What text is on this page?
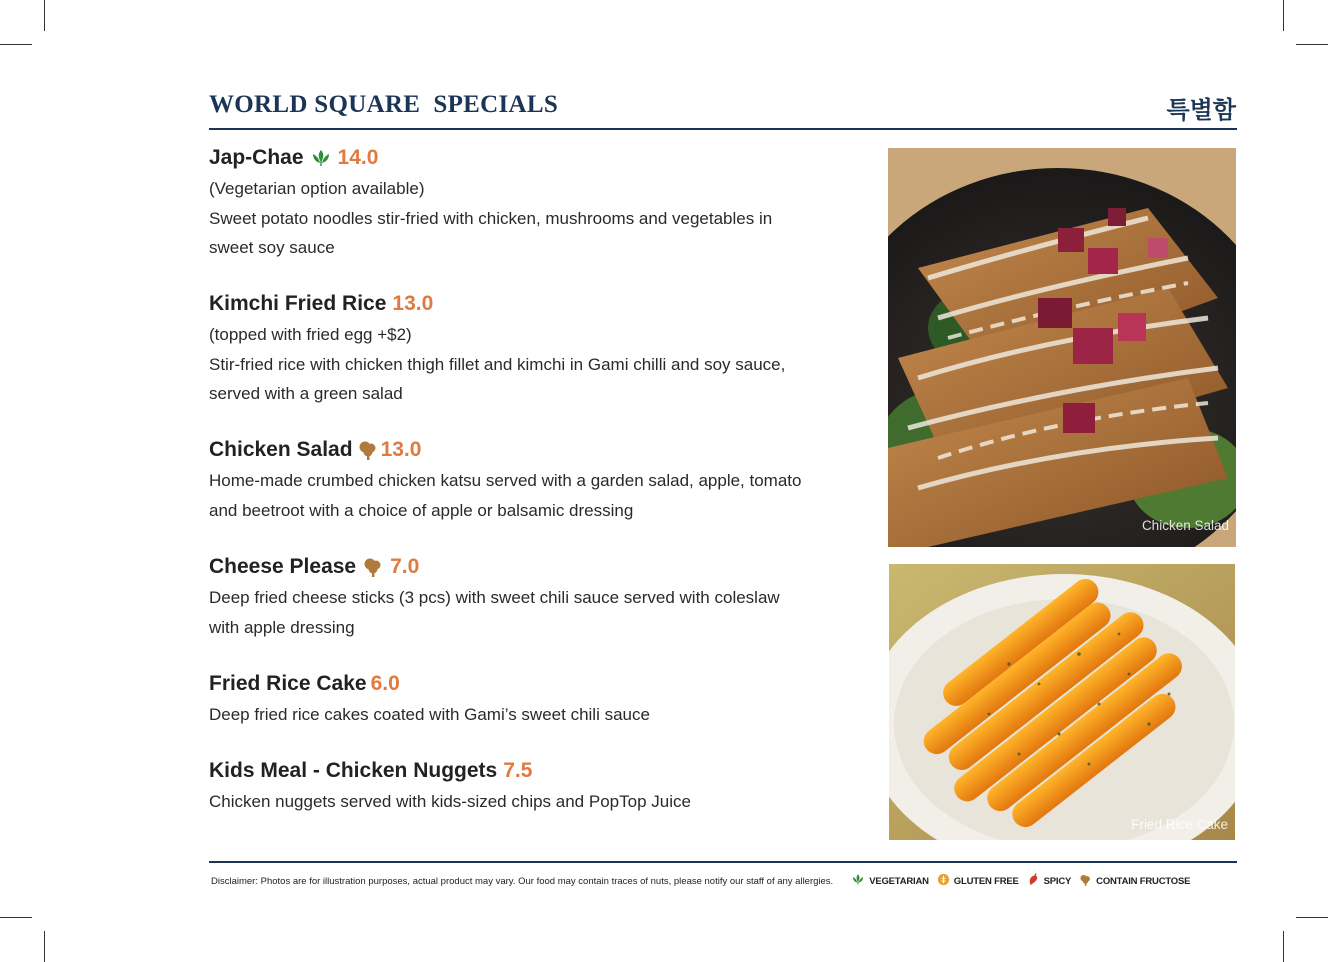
WORLD SQUARE  SPECIALS	특별함
Jap-Chae 14.0
(Vegetarian option available)
Sweet potato noodles stir-fried with chicken, mushrooms and vegetables in
sweet soy sauce
Kimchi Fried Rice 13.0
(topped with fried egg +$2)
Stir-fried rice with chicken thigh fillet and kimchi in Gami chilli and soy sauce,
served with a green salad
Chicken Salad 13.0
Home-made crumbed chicken katsu served with a garden salad, apple, tomato
and beetroot with a choice of apple or balsamic dressing
Cheese Please 7.0
Deep fried cheese sticks (3 pcs) with sweet chili sauce served with coleslaw
with apple dressing
Fried Rice Cake 6.0
Deep fried rice cakes coated with Gami’s sweet chili sauce
Kids Meal - Chicken Nuggets 7.5
Chicken nuggets served with kids-sized chips and PopTop Juice
Chicken Salad
Fried Rice Cake
Disclaimer: Photos are for illustration purposes, actual product may vary. Our food may contain traces of nuts, please notify our staff of any allergies.	VEGETARIAN	GLUTEN FREE	SPICY	CONTAIN FRUCTOSE
